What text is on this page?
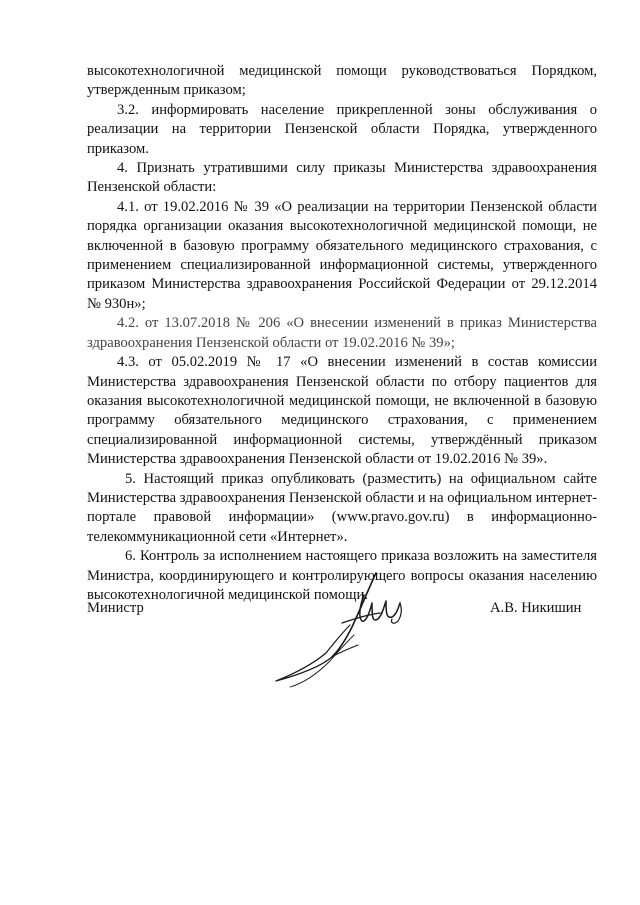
высокотехнологичной медицинской помощи руководствоваться Порядком, утвержденным приказом;

3.2. информировать население прикрепленной зоны обслуживания о реализации на территории Пензенской области Порядка, утвержденного приказом.

4. Признать утратившими силу приказы Министерства здравоохранения Пензенской области:

4.1. от 19.02.2016 № 39 «О реализации на территории Пензенской области порядка организации оказания высокотехнологичной медицинской помощи, не включенной в базовую программу обязательного медицинского страхования, с применением специализированной информационной системы, утвержденного приказом Министерства здравоохранения Российской Федерации от 29.12.2014 № 930н»;

4.2. от 13.07.2018 № 206 «О внесении изменений в приказ Министерства здравоохранения Пензенской области от 19.02.2016 № 39»;

4.3. от 05.02.2019 № 17 «О внесении изменений в состав комиссии Министерства здравоохранения Пензенской области по отбору пациентов для оказания высокотехнологичной медицинской помощи, не включенной в базовую программу обязательного медицинского страхования, с применением специализированной информационной системы, утверждённый приказом Министерства здравоохранения Пензенской области от 19.02.2016 № 39».

5. Настоящий приказ опубликовать (разместить) на официальном сайте Министерства здравоохранения Пензенской области и на официальном интернет-портале правовой информации» (www.pravo.gov.ru) в информационно-телекоммуникационной сети «Интернет».

6. Контроль за исполнением настоящего приказа возложить на заместителя Министра, координирующего и контролирующего вопросы оказания населению высокотехнологичной медицинской помощи.

Министр	А.В. Никишин
